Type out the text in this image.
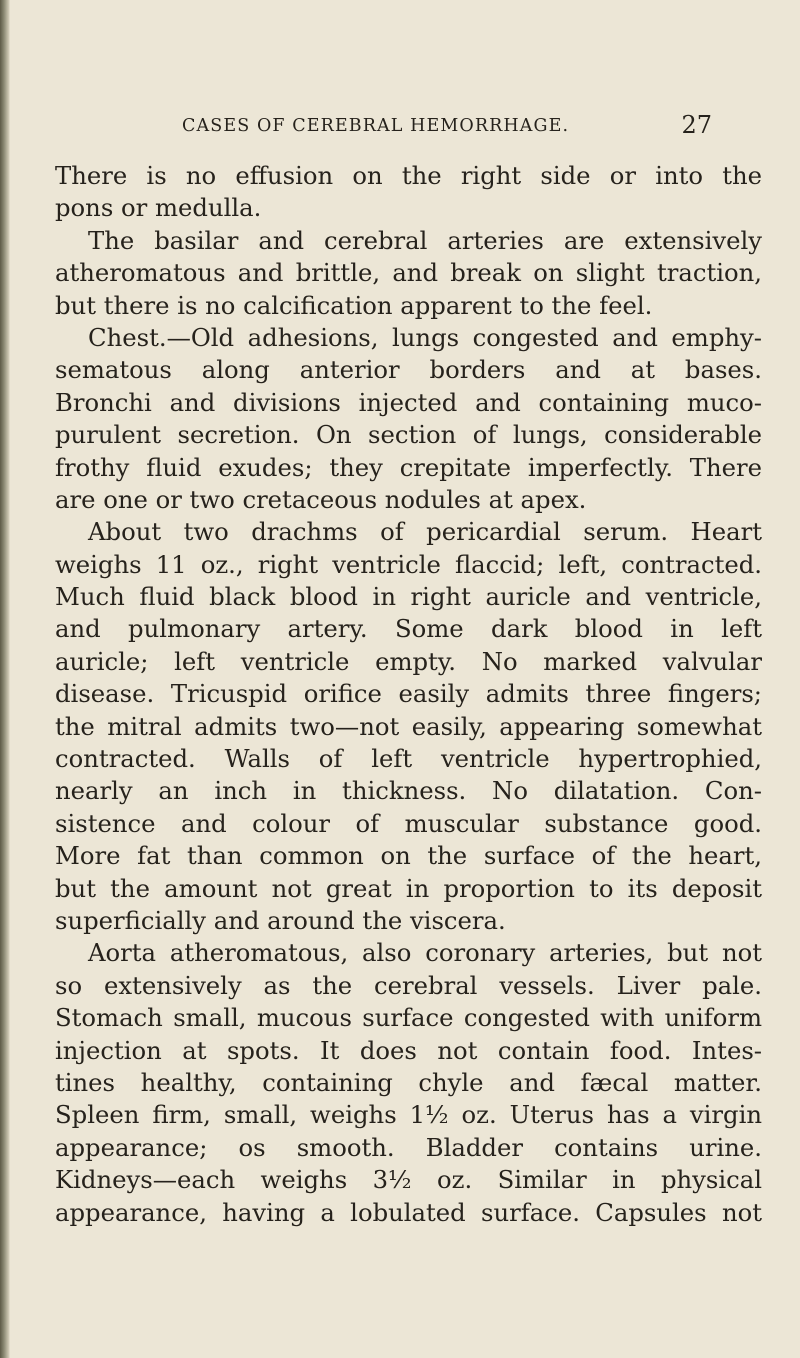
CASES OF CEREBRAL HEMORRHAGE.	27
There is no effusion on the right side or into the
pons or medulla.
The basilar and cerebral arteries are extensively
atheromatous and brittle, and break on slight traction,
but there is no calcification apparent to the feel.
Chest.—Old adhesions, lungs congested and emphy-
sematous along anterior borders and at bases.
Bronchi and divisions injected and containing muco-
purulent secretion. On section of lungs, considerable
frothy fluid exudes; they crepitate imperfectly. There
are one or two cretaceous nodules at apex.
About two drachms of pericardial serum. Heart
weighs 11 oz., right ventricle flaccid; left, contracted.
Much fluid black blood in right auricle and ventricle,
and pulmonary artery. Some dark blood in left
auricle; left ventricle empty. No marked valvular
disease. Tricuspid orifice easily admits three fingers;
the mitral admits two—not easily, appearing somewhat
contracted. Walls of left ventricle hypertrophied,
nearly an inch in thickness. No dilatation. Con-
sistence and colour of muscular substance good.
More fat than common on the surface of the heart,
but the amount not great in proportion to its deposit
superficially and around the viscera.
Aorta atheromatous, also coronary arteries, but not
so extensively as the cerebral vessels. Liver pale.
Stomach small, mucous surface congested with uniform
injection at spots. It does not contain food. Intes-
tines healthy, containing chyle and fæcal matter.
Spleen firm, small, weighs 1½ oz. Uterus has a virgin
appearance; os smooth. Bladder contains urine.
Kidneys—each weighs 3½ oz. Similar in physical
appearance, having a lobulated surface. Capsules not
